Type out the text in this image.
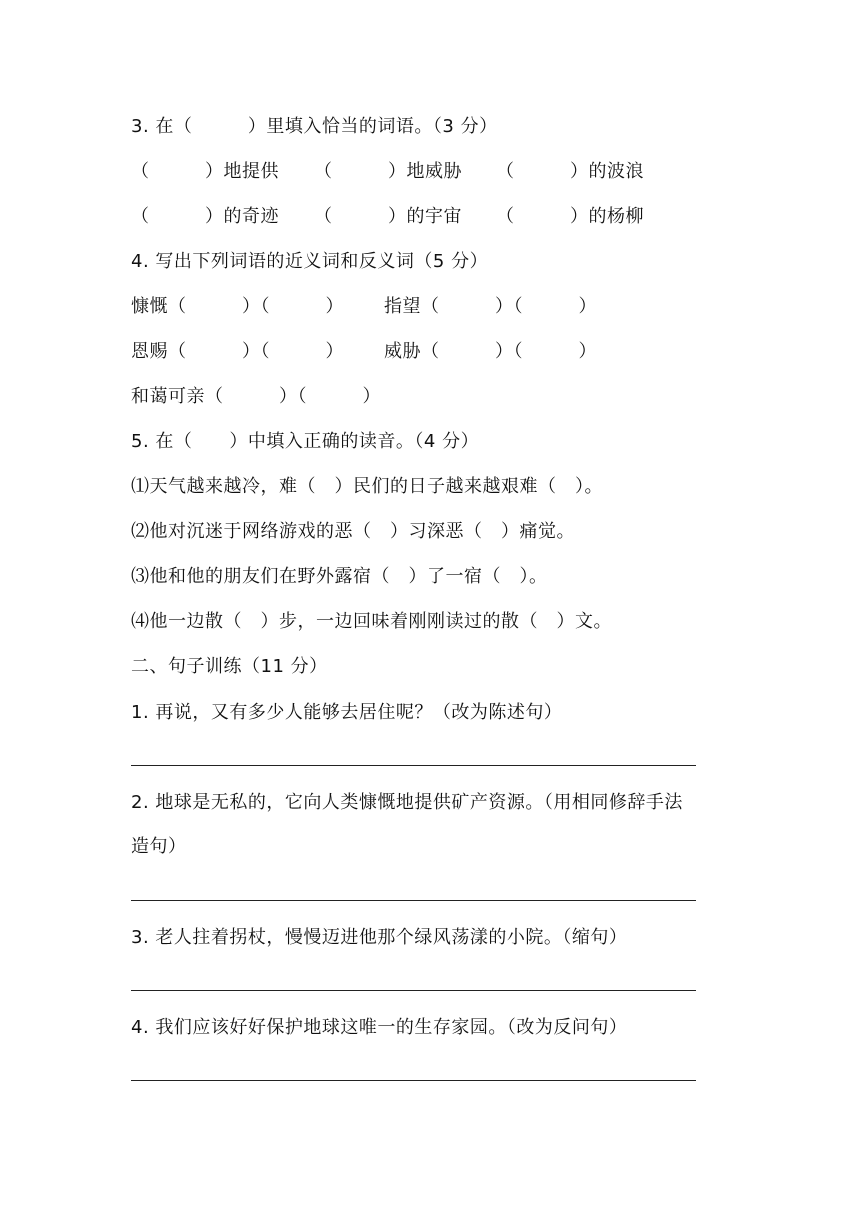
3. 在（　　　）里填入恰当的词语。（3 分）
（　　　）地提供 （　　　）地威胁 （　　　）的波浪
（　　　）的奇迹 （　　　）的宇宙 （　　　）的杨柳
4. 写出下列词语的近义词和反义词（5 分）
慷慨（　　　）（　　　） 指望（　　　）（　　　）
恩赐（　　　）（　　　） 威胁（　　　）（　　　）
和蔼可亲（　　　）（　　　）
5. 在（　　）中填入正确的读音。（4 分）
⑴天气越来越冷，难（　）民们的日子越来越艰难（　）。
⑵他对沉迷于网络游戏的恶（　）习深恶（　）痛觉。
⑶他和他的朋友们在野外露宿（　）了一宿（　）。
⑷他一边散（　）步，一边回味着刚刚读过的散（　）文。
二、句子训练（11 分）
1. 再说，又有多少人能够去居住呢？（改为陈述句）
2. 地球是无私的，它向人类慷慨地提供矿产资源。（用相同修辞手法
造句）
3. 老人拄着拐杖，慢慢迈进他那个绿风荡漾的小院。（缩句）
4. 我们应该好好保护地球这唯一的生存家园。（改为反问句）
